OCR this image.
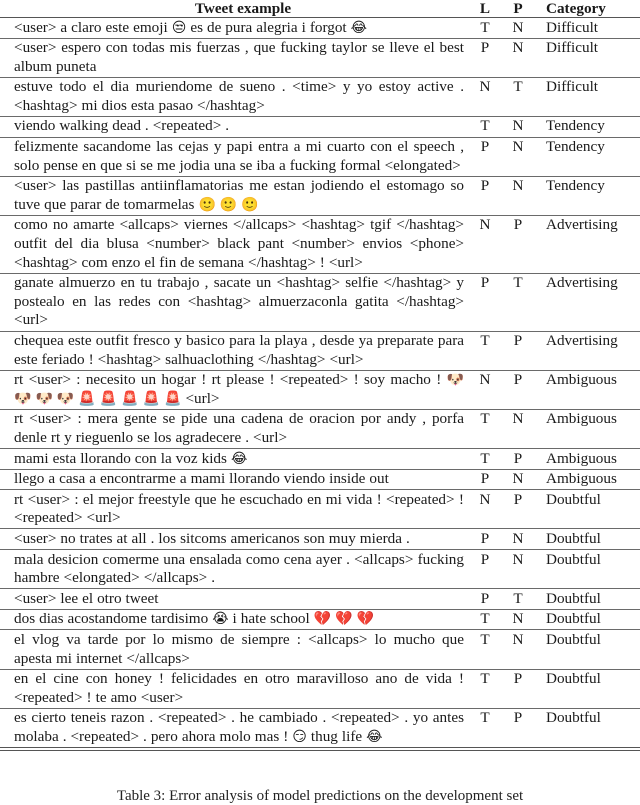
Tweet example	L	P	Category
<user> a claro este emoji 😒 es de pura alegria i forgot 😂	T	N	Difficult
<user> espero con todas mis fuerzas , que fucking taylor se lleve el best album puneta	P	N	Difficult
estuve todo el dia muriendome de sueno . <time> y yo estoy active . <hashtag> mi dios esta pasao </hashtag>	N	T	Difficult
viendo walking dead . <repeated> .	T	N	Tendency
felizmente sacandome las cejas y papi entra a mi cuarto con el speech , solo pense en que si se me jodia una se iba a fucking formal <elongated>	P	N	Tendency
<user> las pastillas antiinflamatorias me estan jodiendo el estomago so tuve que parar de tomarmelas 🙂 🙂 🙂	P	N	Tendency
como no amarte <allcaps> viernes </allcaps> <hashtag> tgif </hashtag> outfit del dia blusa <number> black pant <number> envios <phone> <hashtag> com enzo el fin de semana </hashtag> ! <url>	N	P	Advertising
ganate almuerzo en tu trabajo , sacate un <hashtag> selfie </hashtag> y postealo en las redes con <hashtag> almuerzaconla gatita </hashtag> <url>	P	T	Advertising
chequea este outfit fresco y basico para la playa , desde ya preparate para este feriado ! <hashtag> salhuaclothing </hashtag> <url>	T	P	Advertising
rt <user> : necesito un hogar ! rt please ! <repeated> ! soy macho ! 🐶 🐶 🐶 🐶 🚨 🚨 🚨 🚨 🚨 <url>	N	P	Ambiguous
rt <user> : mera gente se pide una cadena de oracion por andy , porfa denle rt y rieguenlo se los agradecere . <url>	T	N	Ambiguous
mami esta llorando con la voz kids 😂	T	P	Ambiguous
llego a casa a encontrarme a mami llorando viendo inside out	P	N	Ambiguous
rt <user> : el mejor freestyle que he escuchado en mi vida ! <repeated> ! <repeated> <url>	N	P	Doubtful
<user> no trates at all . los sitcoms americanos son muy mierda .	P	N	Doubtful
mala desicion comerme una ensalada como cena ayer . <allcaps> fucking hambre <elongated> </allcaps> .	P	N	Doubtful
<user> lee el otro tweet	P	T	Doubtful
dos dias acostandome tardisimo 😭 i hate school 💔 💔 💔	T	N	Doubtful
el vlog va tarde por lo mismo de siempre : <allcaps> lo mucho que apesta mi internet </allcaps>	T	N	Doubtful
en el cine con honey ! felicidades en otro maravilloso ano de vida ! <repeated> ! te amo <user>	T	P	Doubtful
es cierto teneis razon . <repeated> . he cambiado . <repeated> . yo antes molaba . <repeated> . pero ahora molo mas ! 😏 thug life 😂	T	P	Doubtful
Table 3: Error analysis of model predictions on the development set
